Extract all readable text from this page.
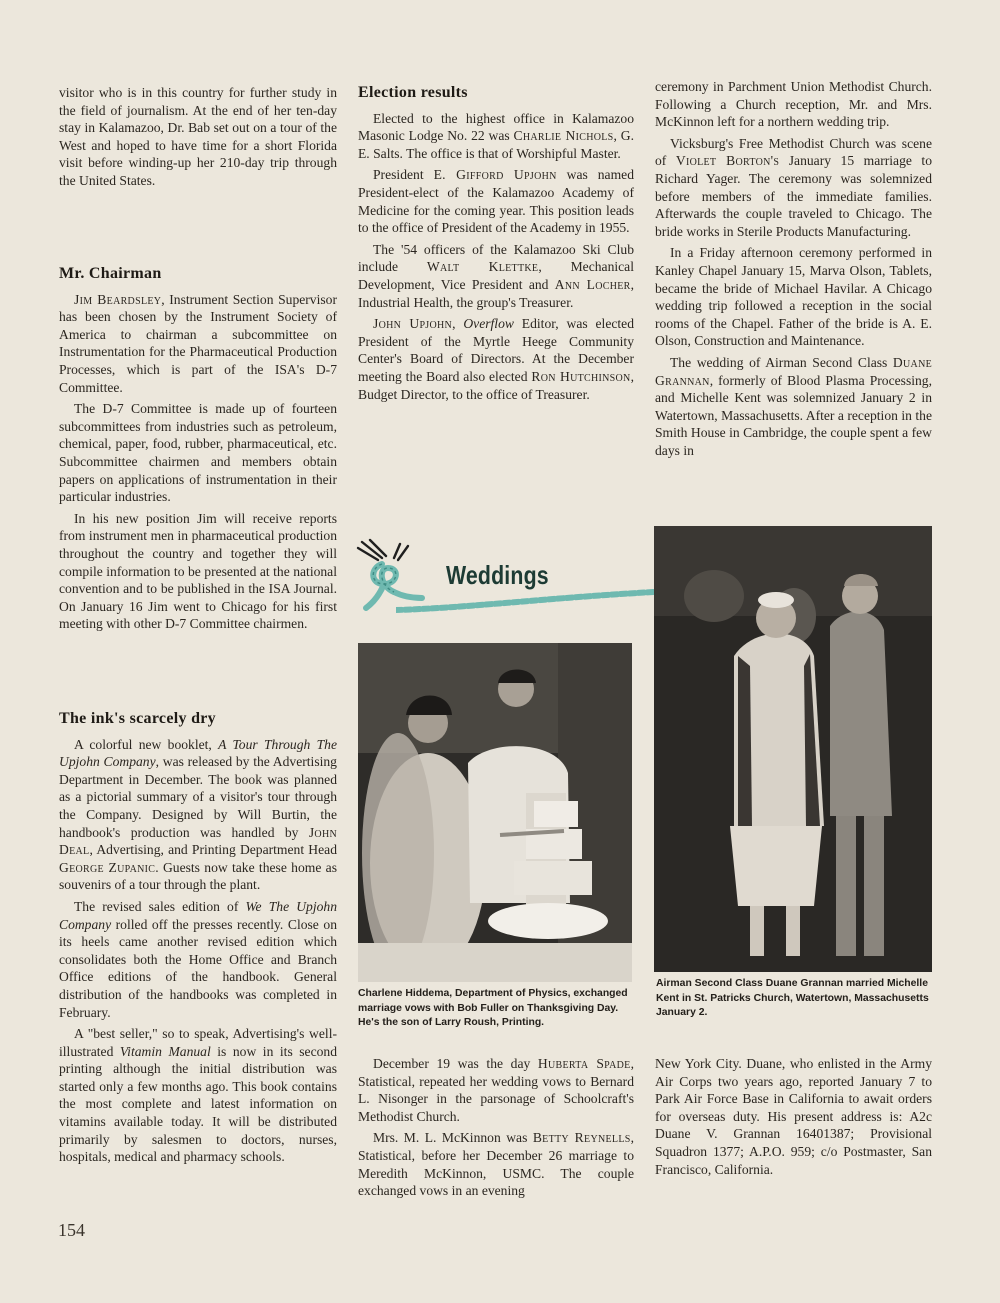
visitor who is in this country for further study in the field of journalism. At the end of her ten-day stay in Kalamazoo, Dr. Bab set out on a tour of the West and hoped to have time for a short Florida visit before winding-up her 210-day trip through the United States.

Mr. Chairman

Jim Beardsley, Instrument Section Supervisor has been chosen by the Instrument Society of America to chairman a subcommittee on Instrumentation for the Pharmaceutical Production Processes, which is part of the ISA's D-7 Committee.

The D-7 Committee is made up of fourteen subcommittees from industries such as petroleum, chemical, paper, food, rubber, pharmaceutical, etc. Subcommittee chairmen and members obtain papers on applications of instrumentation in their particular industries.

In his new position Jim will receive reports from instrument men in pharmaceutical production throughout the country and together they will compile information to be presented at the national convention and to be published in the ISA Journal. On January 16 Jim went to Chicago for his first meeting with other D-7 Committee chairmen.

The ink's scarcely dry

A colorful new booklet, A Tour Through The Upjohn Company, was released by the Advertising Department in December. The book was planned as a pictorial summary of a visitor's tour through the Company. Designed by Will Burtin, the handbook's production was handled by John Deal, Advertising, and Printing Department Head George Zupanic. Guests now take these home as souvenirs of a tour through the plant.

The revised sales edition of We The Upjohn Company rolled off the presses recently. Close on its heels came another revised edition which consolidates both the Home Office and Branch Office editions of the handbook. General distribution of the handbooks was completed in February.

A "best seller," so to speak, Advertising's well-illustrated Vitamin Manual is now in its second printing although the initial distribution was started only a few months ago. This book contains the most complete and latest information on vitamins available today. It will be distributed primarily by salesmen to doctors, nurses, hospitals, medical and pharmacy schools.

154
Election results

Elected to the highest office in Kalamazoo Masonic Lodge No. 22 was Charlie Nichols, G. E. Salts. The office is that of Worshipful Master.

President E. Gifford Upjohn was named President-elect of the Kalamazoo Academy of Medicine for the coming year. This position leads to the office of President of the Academy in 1955.

The '54 officers of the Kalamazoo Ski Club include Walt Klettke, Mechanical Development, Vice President and Ann Locher, Industrial Health, the group's Treasurer.

John Upjohn, Overflow Editor, was elected President of the Myrtle Heege Community Center's Board of Directors. At the December meeting the Board also elected Ron Hutchinson, Budget Director, to the office of Treasurer.

Weddings
Charlene Hiddema, Department of Physics, exchanged marriage vows with Bob Fuller on Thanksgiving Day. He's the son of Larry Roush, Printing.

December 19 was the day Huberta Spade, Statistical, repeated her wedding vows to Bernard L. Nisonger in the parsonage of Schoolcraft's Methodist Church.

Mrs. M. L. McKinnon was Betty Reynells, Statistical, before her December 26 marriage to Meredith McKinnon, USMC. The couple exchanged vows in an evening

ceremony in Parchment Union Methodist Church. Following a Church reception, Mr. and Mrs. McKinnon left for a northern wedding trip.

Vicksburg's Free Methodist Church was scene of Violet Borton's January 15 marriage to Richard Yager. The ceremony was solemnized before members of the immediate families. Afterwards the couple traveled to Chicago. The bride works in Sterile Products Manufacturing.

In a Friday afternoon ceremony performed in Kanley Chapel January 15, Marva Olson, Tablets, became the bride of Michael Havilar. A Chicago wedding trip followed a reception in the social rooms of the Chapel. Father of the bride is A. E. Olson, Construction and Maintenance.

The wedding of Airman Second Class Duane Grannan, formerly of Blood Plasma Processing, and Michelle Kent was solemnized January 2 in Watertown, Massachusetts. After a reception in the Smith House in Cambridge, the couple spent a few days in

Airman Second Class Duane Grannan married Michelle Kent in St. Patricks Church, Watertown, Massachusetts January 2.

New York City. Duane, who enlisted in the Army Air Corps two years ago, reported January 7 to Park Air Force Base in California to await orders for overseas duty. His present address is: A2c Duane V. Grannan 16401387; Provisional Squadron 1377; A.P.O. 959; c/o Postmaster, San Francisco, California.
